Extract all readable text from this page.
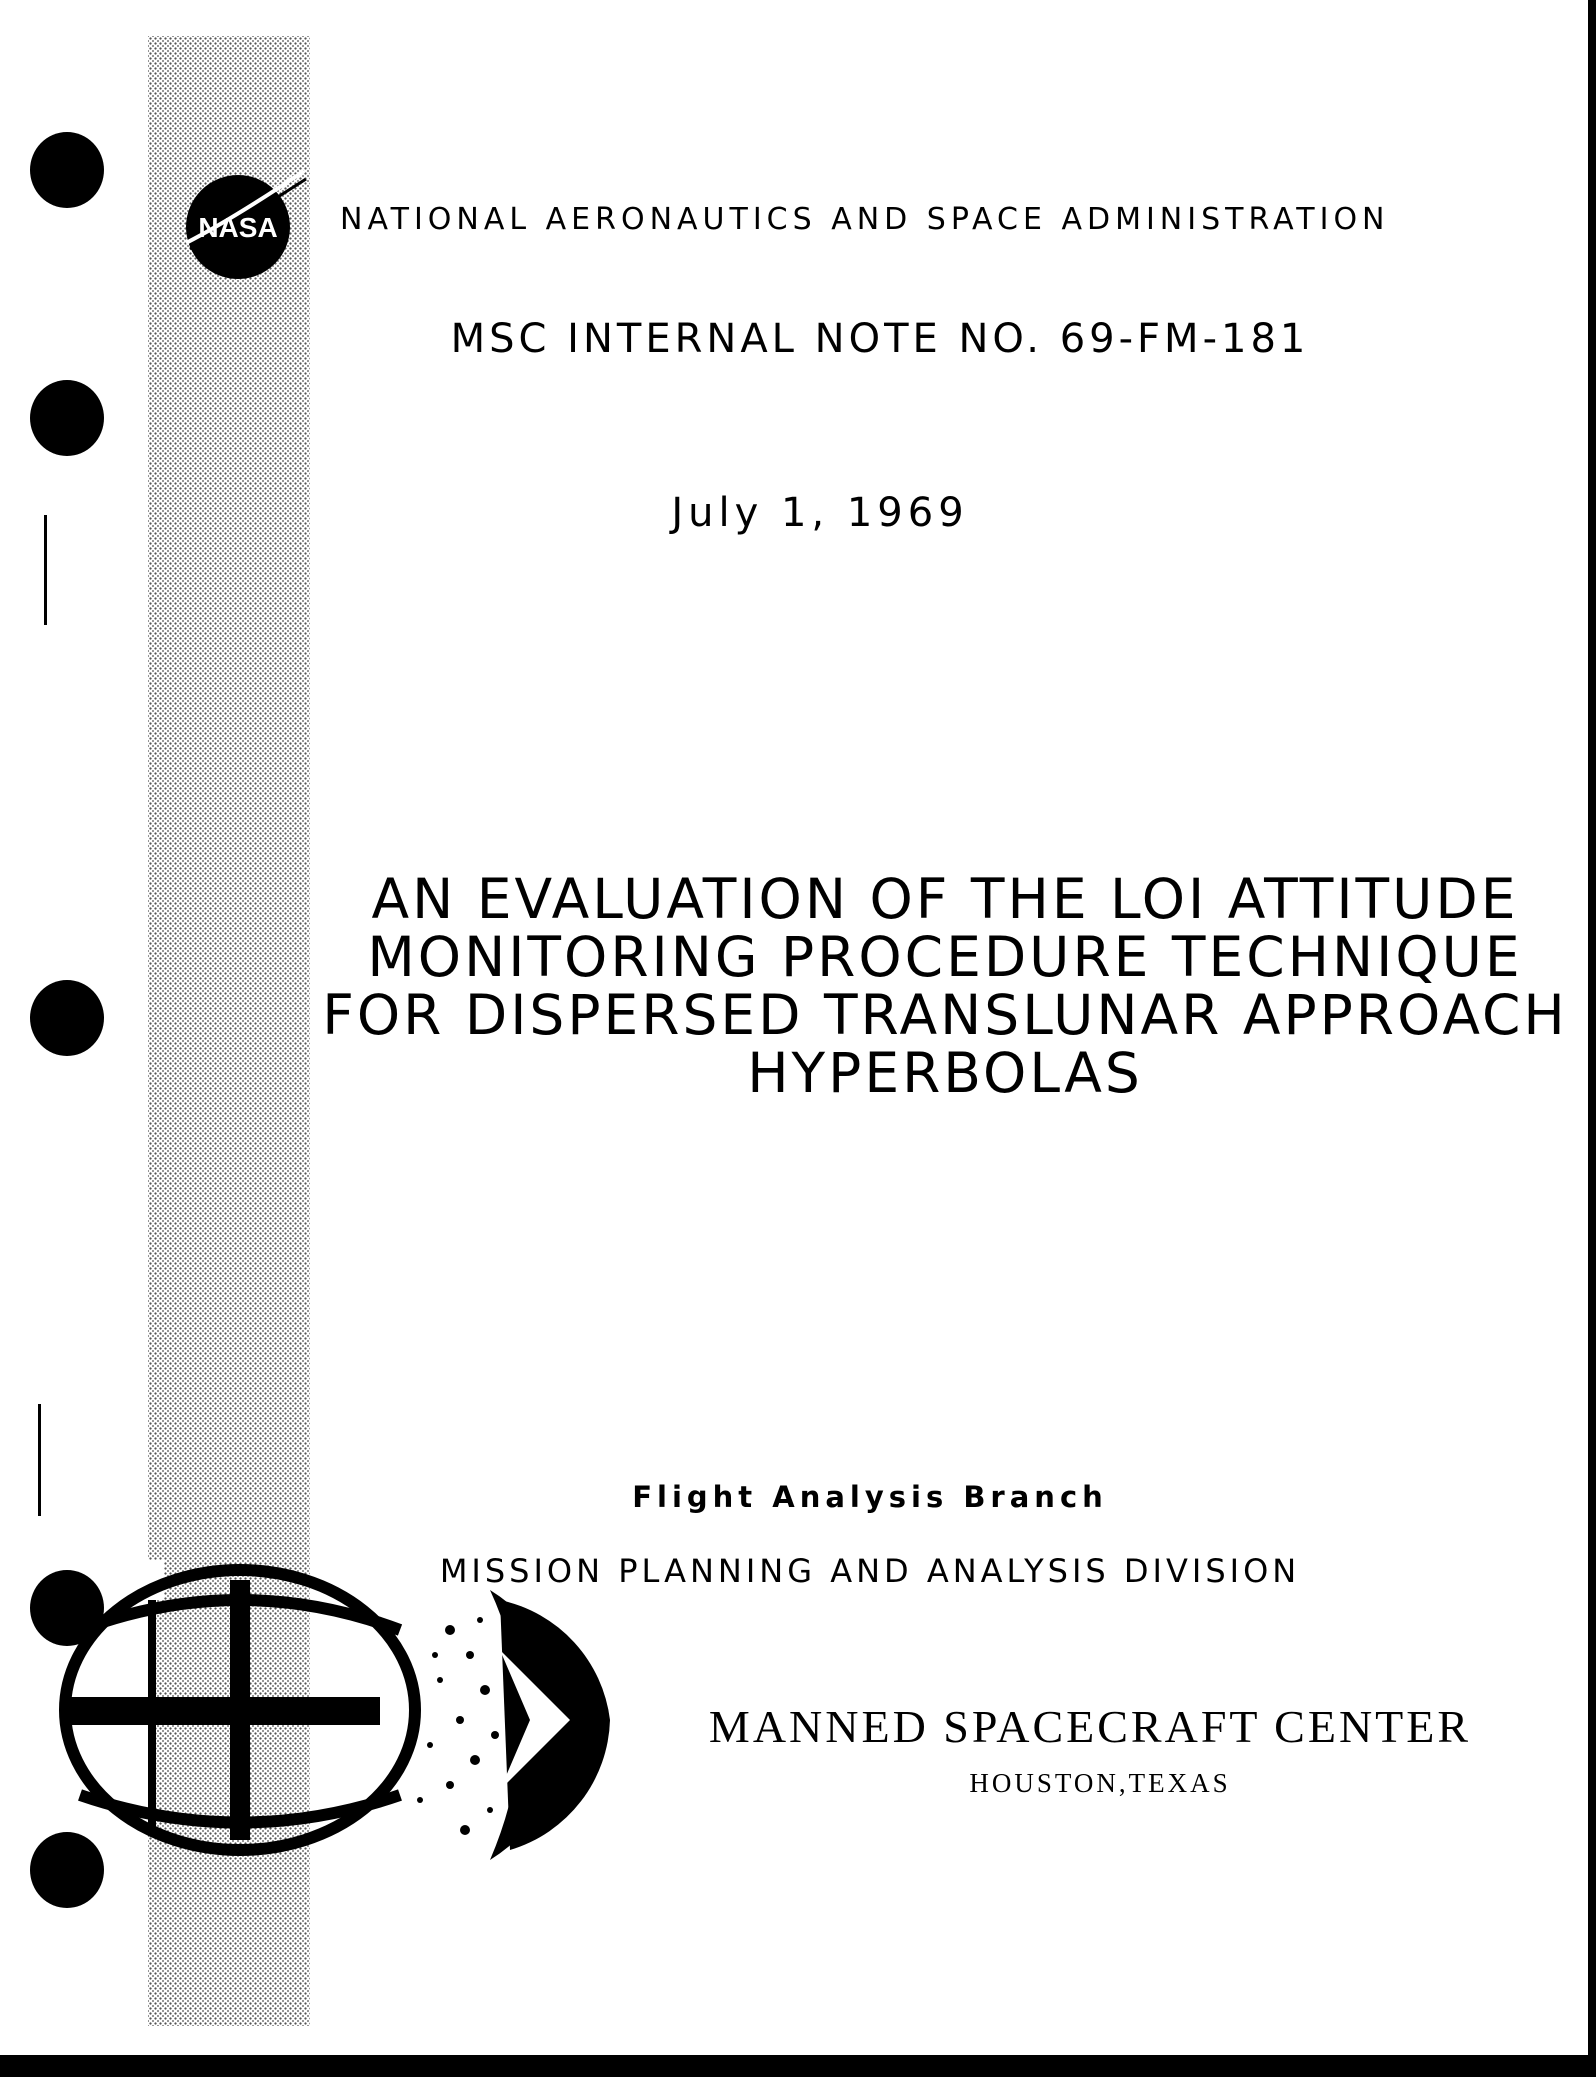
NASA NATIONAL AERONAUTICS AND SPACE ADMINISTRATION
MSC INTERNAL NOTE NO. 69-FM-181
July 1, 1969
AN EVALUATION OF THE LOI ATTITUDE
MONITORING PROCEDURE TECHNIQUE
FOR DISPERSED TRANSLUNAR APPROACH
HYPERBOLAS
Flight Analysis Branch
MISSION PLANNING AND ANALYSIS DIVISION
MANNED SPACECRAFT CENTER
HOUSTON,TEXAS
